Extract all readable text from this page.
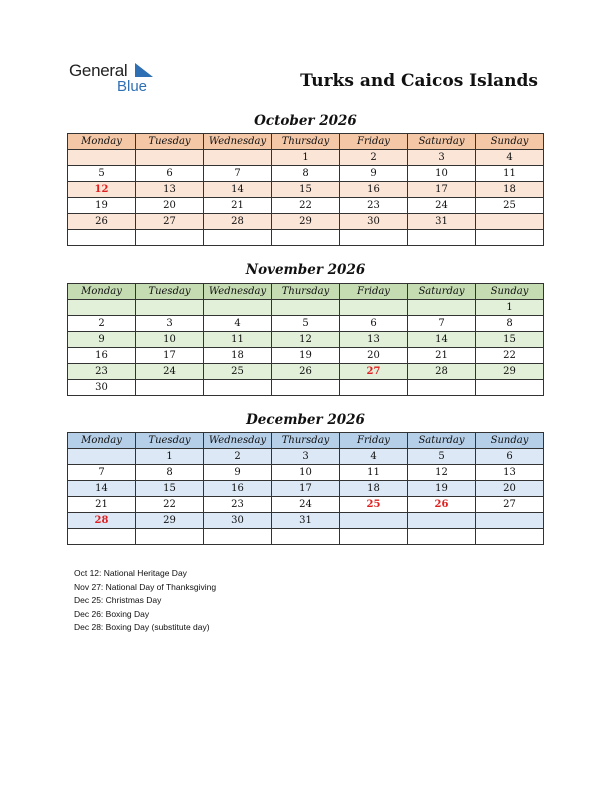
General
Blue	Turks and Caicos Islands
October 2026
Monday	Tuesday	Wednesday	Thursday	Friday	Saturday	Sunday
			1	2	3	4
5	6	7	8	9	10	11
12	13	14	15	16	17	18
19	20	21	22	23	24	25
26	27	28	29	30	31	

November 2026
Monday	Tuesday	Wednesday	Thursday	Friday	Saturday	Sunday
						1
2	3	4	5	6	7	8
9	10	11	12	13	14	15
16	17	18	19	20	21	22
23	24	25	26	27	28	29
30						
December 2026
Monday	Tuesday	Wednesday	Thursday	Friday	Saturday	Sunday
	1	2	3	4	5	6
7	8	9	10	11	12	13
14	15	16	17	18	19	20
21	22	23	24	25	26	27
28	29	30	31			

Oct 12: National Heritage Day
Nov 27: National Day of Thanksgiving
Dec 25: Christmas Day
Dec 26: Boxing Day
Dec 28: Boxing Day (substitute day)
